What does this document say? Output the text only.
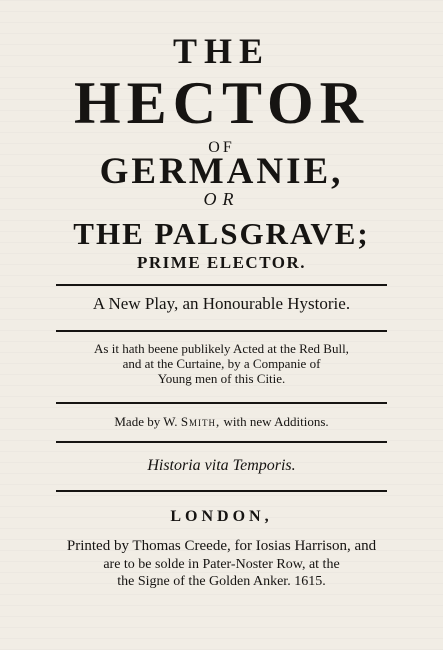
THE
HECTOR
OF
GERMANIE,
OR
THE PALSGRAVE;
PRIME ELECTOR.
A New Play, an Honourable Hystorie.
As it hath beene publikely Acted at the Red Bull,
and at the Curtaine, by a Companie of
Young men of this Citie.
Made by W. Smith, with new Additions.
Historia vita Temporis.
LONDON,
Printed by Thomas Creede, for Iosias Harrison, and
are to be solde in Pater-Noster Row, at the
the Signe of the Golden Anker. 1615.
